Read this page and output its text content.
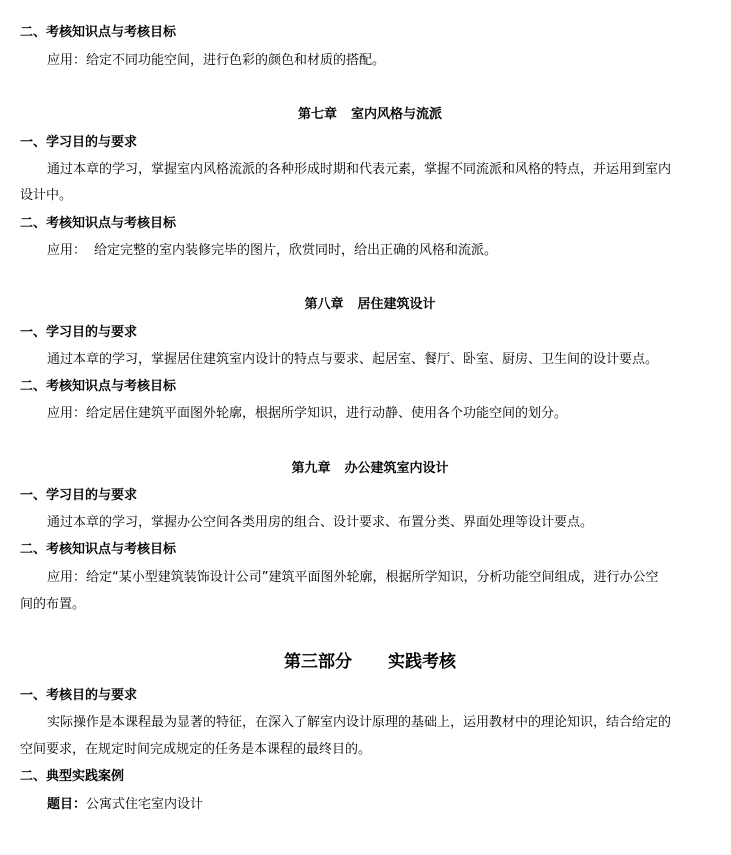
二、考核知识点与考核目标
应用：给定不同功能空间，进行色彩的颜色和材质的搭配。
第七章 室内风格与流派
一、学习目的与要求
通过本章的学习，掌握室内风格流派的各种形成时期和代表元素，掌握不同流派和风格的特点，并运用到室内
设计中。
二、考核知识点与考核目标
应用： 给定完整的室内装修完毕的图片，欣赏同时，给出正确的风格和流派。
第八章 居住建筑设计
一、学习目的与要求
通过本章的学习，掌握居住建筑室内设计的特点与要求、起居室、餐厅、卧室、厨房、卫生间的设计要点。
二、考核知识点与考核目标
应用：给定居住建筑平面图外轮廓，根据所学知识，进行动静、使用各个功能空间的划分。
第九章 办公建筑室内设计
一、学习目的与要求
通过本章的学习，掌握办公空间各类用房的组合、设计要求、布置分类、界面处理等设计要点。
二、考核知识点与考核目标
应用：给定“某小型建筑装饰设计公司”建筑平面图外轮廓，根据所学知识，分析功能空间组成，进行办公空
间的布置。
第三部分 实践考核
一、考核目的与要求
实际操作是本课程最为显著的特征，在深入了解室内设计原理的基础上，运用教材中的理论知识，结合给定的
空间要求，在规定时间完成规定的任务是本课程的最终目的。
二、典型实践案例
题目：公寓式住宅室内设计
